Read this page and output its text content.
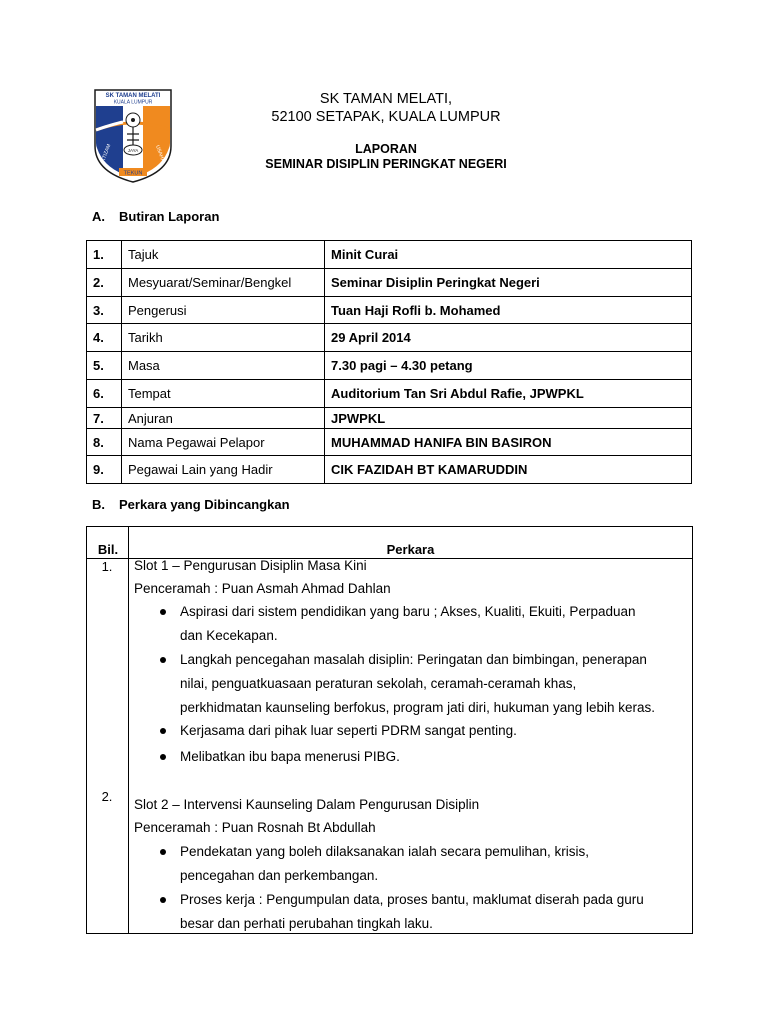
SK TAMAN MELATI
KUALA LUMPUR
JAYA
IKTIZAM	USAHA
TEKUN
SK TAMAN MELATI,
52100 SETAPAK, KUALA LUMPUR
LAPORAN
SEMINAR DISIPLIN PERINGKAT NEGERI
A. Butiran Laporan
1.	Tajuk	Minit Curai
2.	Mesyuarat/Seminar/Bengkel	Seminar Disiplin Peringkat Negeri
3.	Pengerusi	Tuan Haji Rofli b. Mohamed
4.	Tarikh	29 April 2014
5.	Masa	7.30 pagi – 4.30 petang
6.	Tempat	Auditorium Tan Sri Abdul Rafie, JPWPKL
7.	Anjuran	JPWPKL
8.	Nama Pegawai Pelapor	MUHAMMAD HANIFA BIN BASIRON
9.	Pegawai Lain yang Hadir	CIK FAZIDAH BT KAMARUDDIN
B. Perkara yang Dibincangkan
Bil.	Perkara
1.	Slot 1 – Pengurusan Disiplin Masa Kini
Penceramah : Puan Asmah Ahmad Dahlan
Aspirasi dari sistem pendidikan yang baru ; Akses, Kualiti, Ekuiti, Perpaduan
dan Kecekapan.
Langkah pencegahan masalah disiplin: Peringatan dan bimbingan, penerapan
nilai, penguatkuasaan peraturan sekolah, ceramah-ceramah khas,
perkhidmatan kaunseling berfokus, program jati diri, hukuman yang lebih keras.
Kerjasama dari pihak luar seperti PDRM sangat penting.
Melibatkan ibu bapa menerusi PIBG.
2.
Slot 2 – Intervensi Kaunseling Dalam Pengurusan Disiplin
Penceramah : Puan Rosnah Bt Abdullah
Pendekatan yang boleh dilaksanakan ialah secara pemulihan, krisis,
pencegahan dan perkembangan.
Proses kerja : Pengumpulan data, proses bantu, maklumat diserah pada guru
besar dan perhati perubahan tingkah laku.
